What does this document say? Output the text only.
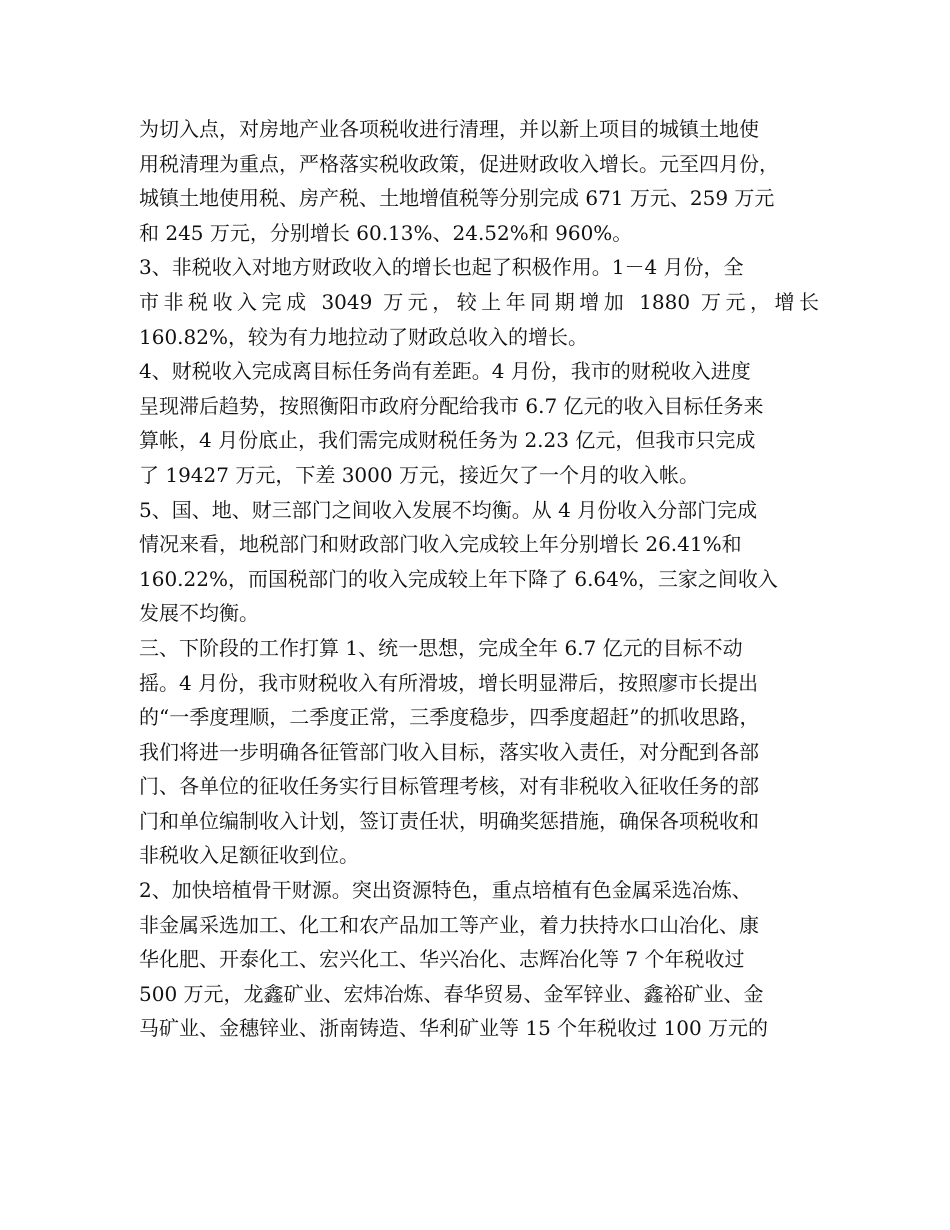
为切入点，对房地产业各项税收进行清理，并以新上项目的城镇土地使
用税清理为重点，严格落实税收政策，促进财政收入增长。元至四月份，
城镇土地使用税、房产税、土地增值税等分别完成 671 万元、259 万元
和 245 万元，分别增长 60.13%、24.52%和 960%。
3、非税收入对地方财政收入的增长也起了积极作用。1－4 月份，全
市非税收入完成 3049 万元，较上年同期增加 1880 万元，增长
160.82%，较为有力地拉动了财政总收入的增长。
4、财税收入完成离目标任务尚有差距。4 月份，我市的财税收入进度
呈现滞后趋势，按照衡阳市政府分配给我市 6.7 亿元的收入目标任务来
算帐，4 月份底止，我们需完成财税任务为 2.23 亿元，但我市只完成
了 19427 万元，下差 3000 万元，接近欠了一个月的收入帐。
5、国、地、财三部门之间收入发展不均衡。从 4 月份收入分部门完成
情况来看，地税部门和财政部门收入完成较上年分别增长 26.41%和
160.22%，而国税部门的收入完成较上年下降了 6.64%，三家之间收入
发展不均衡。
三、下阶段的工作打算 1、统一思想，完成全年 6.7 亿元的目标不动
摇。4 月份，我市财税收入有所滑坡，增长明显滞后，按照廖市长提出
的“一季度理顺，二季度正常，三季度稳步，四季度超赶”的抓收思路，
我们将进一步明确各征管部门收入目标，落实收入责任，对分配到各部
门、各单位的征收任务实行目标管理考核，对有非税收入征收任务的部
门和单位编制收入计划，签订责任状，明确奖惩措施，确保各项税收和
非税收入足额征收到位。
2、加快培植骨干财源。突出资源特色，重点培植有色金属采选冶炼、
非金属采选加工、化工和农产品加工等产业，着力扶持水口山冶化、康
华化肥、开泰化工、宏兴化工、华兴冶化、志辉冶化等 7 个年税收过
500 万元，龙鑫矿业、宏炜冶炼、春华贸易、金军锌业、鑫裕矿业、金
马矿业、金穗锌业、浙南铸造、华利矿业等 15 个年税收过 100 万元的
